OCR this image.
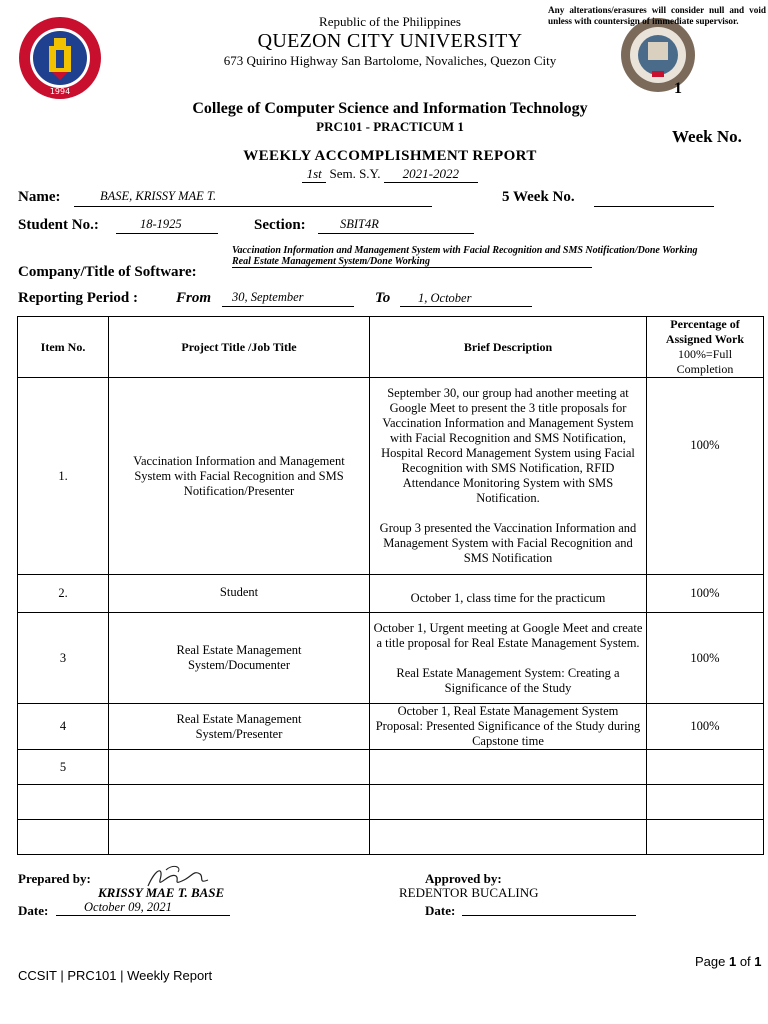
1994
Any alterations/erasures will consider null and void unless with countersign of immediate supervisor.
1
Republic of the Philippines
QUEZON CITY UNIVERSITY
673 Quirino Highway San Bartolome, Novaliches, Quezon City
College of Computer Science and Information Technology
PRC101 - PRACTICUM 1
Week No.
WEEKLY ACCOMPLISHMENT REPORT
1st Sem. S.Y. 2021-2022
Name:	BASE, KRISSY MAE T.	5 Week No.
Student No.:	18-1925	Section:	SBIT4R
Company/Title of Software:
Vaccination Information and Management System with Facial Recognition and SMS Notification/Done Working
Real Estate Management System/Done Working
Reporting Period :	From 30, September	To 1, October
Item No.	Project Title /Job Title	Brief Description	Percentage of Assigned Work
100%=Full Completion

1.	Vaccination Information and Management System with Facial Recognition and SMS Notification/Presenter	September 30, our group had another meeting at Google Meet to present the 3 title proposals for Vaccination Information and Management System with Facial Recognition and SMS Notification, Hospital Record Management System using Facial Recognition with SMS Notification, RFID Attendance Monitoring System with SMS Notification.
Group 3 presented the Vaccination Information and Management System with Facial Recognition and SMS Notification	100%
2.	Student	October 1, class time for the practicum	100%
3	Real Estate Management System/Documenter	October 1, Urgent meeting at Google Meet and create a title proposal for Real Estate Management System.
Real Estate Management System: Creating a Significance of the Study	100%
4	Real Estate Management System/Presenter	October 1, Real Estate Management System Proposal: Presented Significance of the Study during Capstone time	100%
5			

Prepared by:
KRISSY MAE T. BASE
Date:	October 09, 2021
Approved by:
REDENTOR BUCALING
Date:
Page 1 of 1
CCSIT | PRC101 | Weekly Report
